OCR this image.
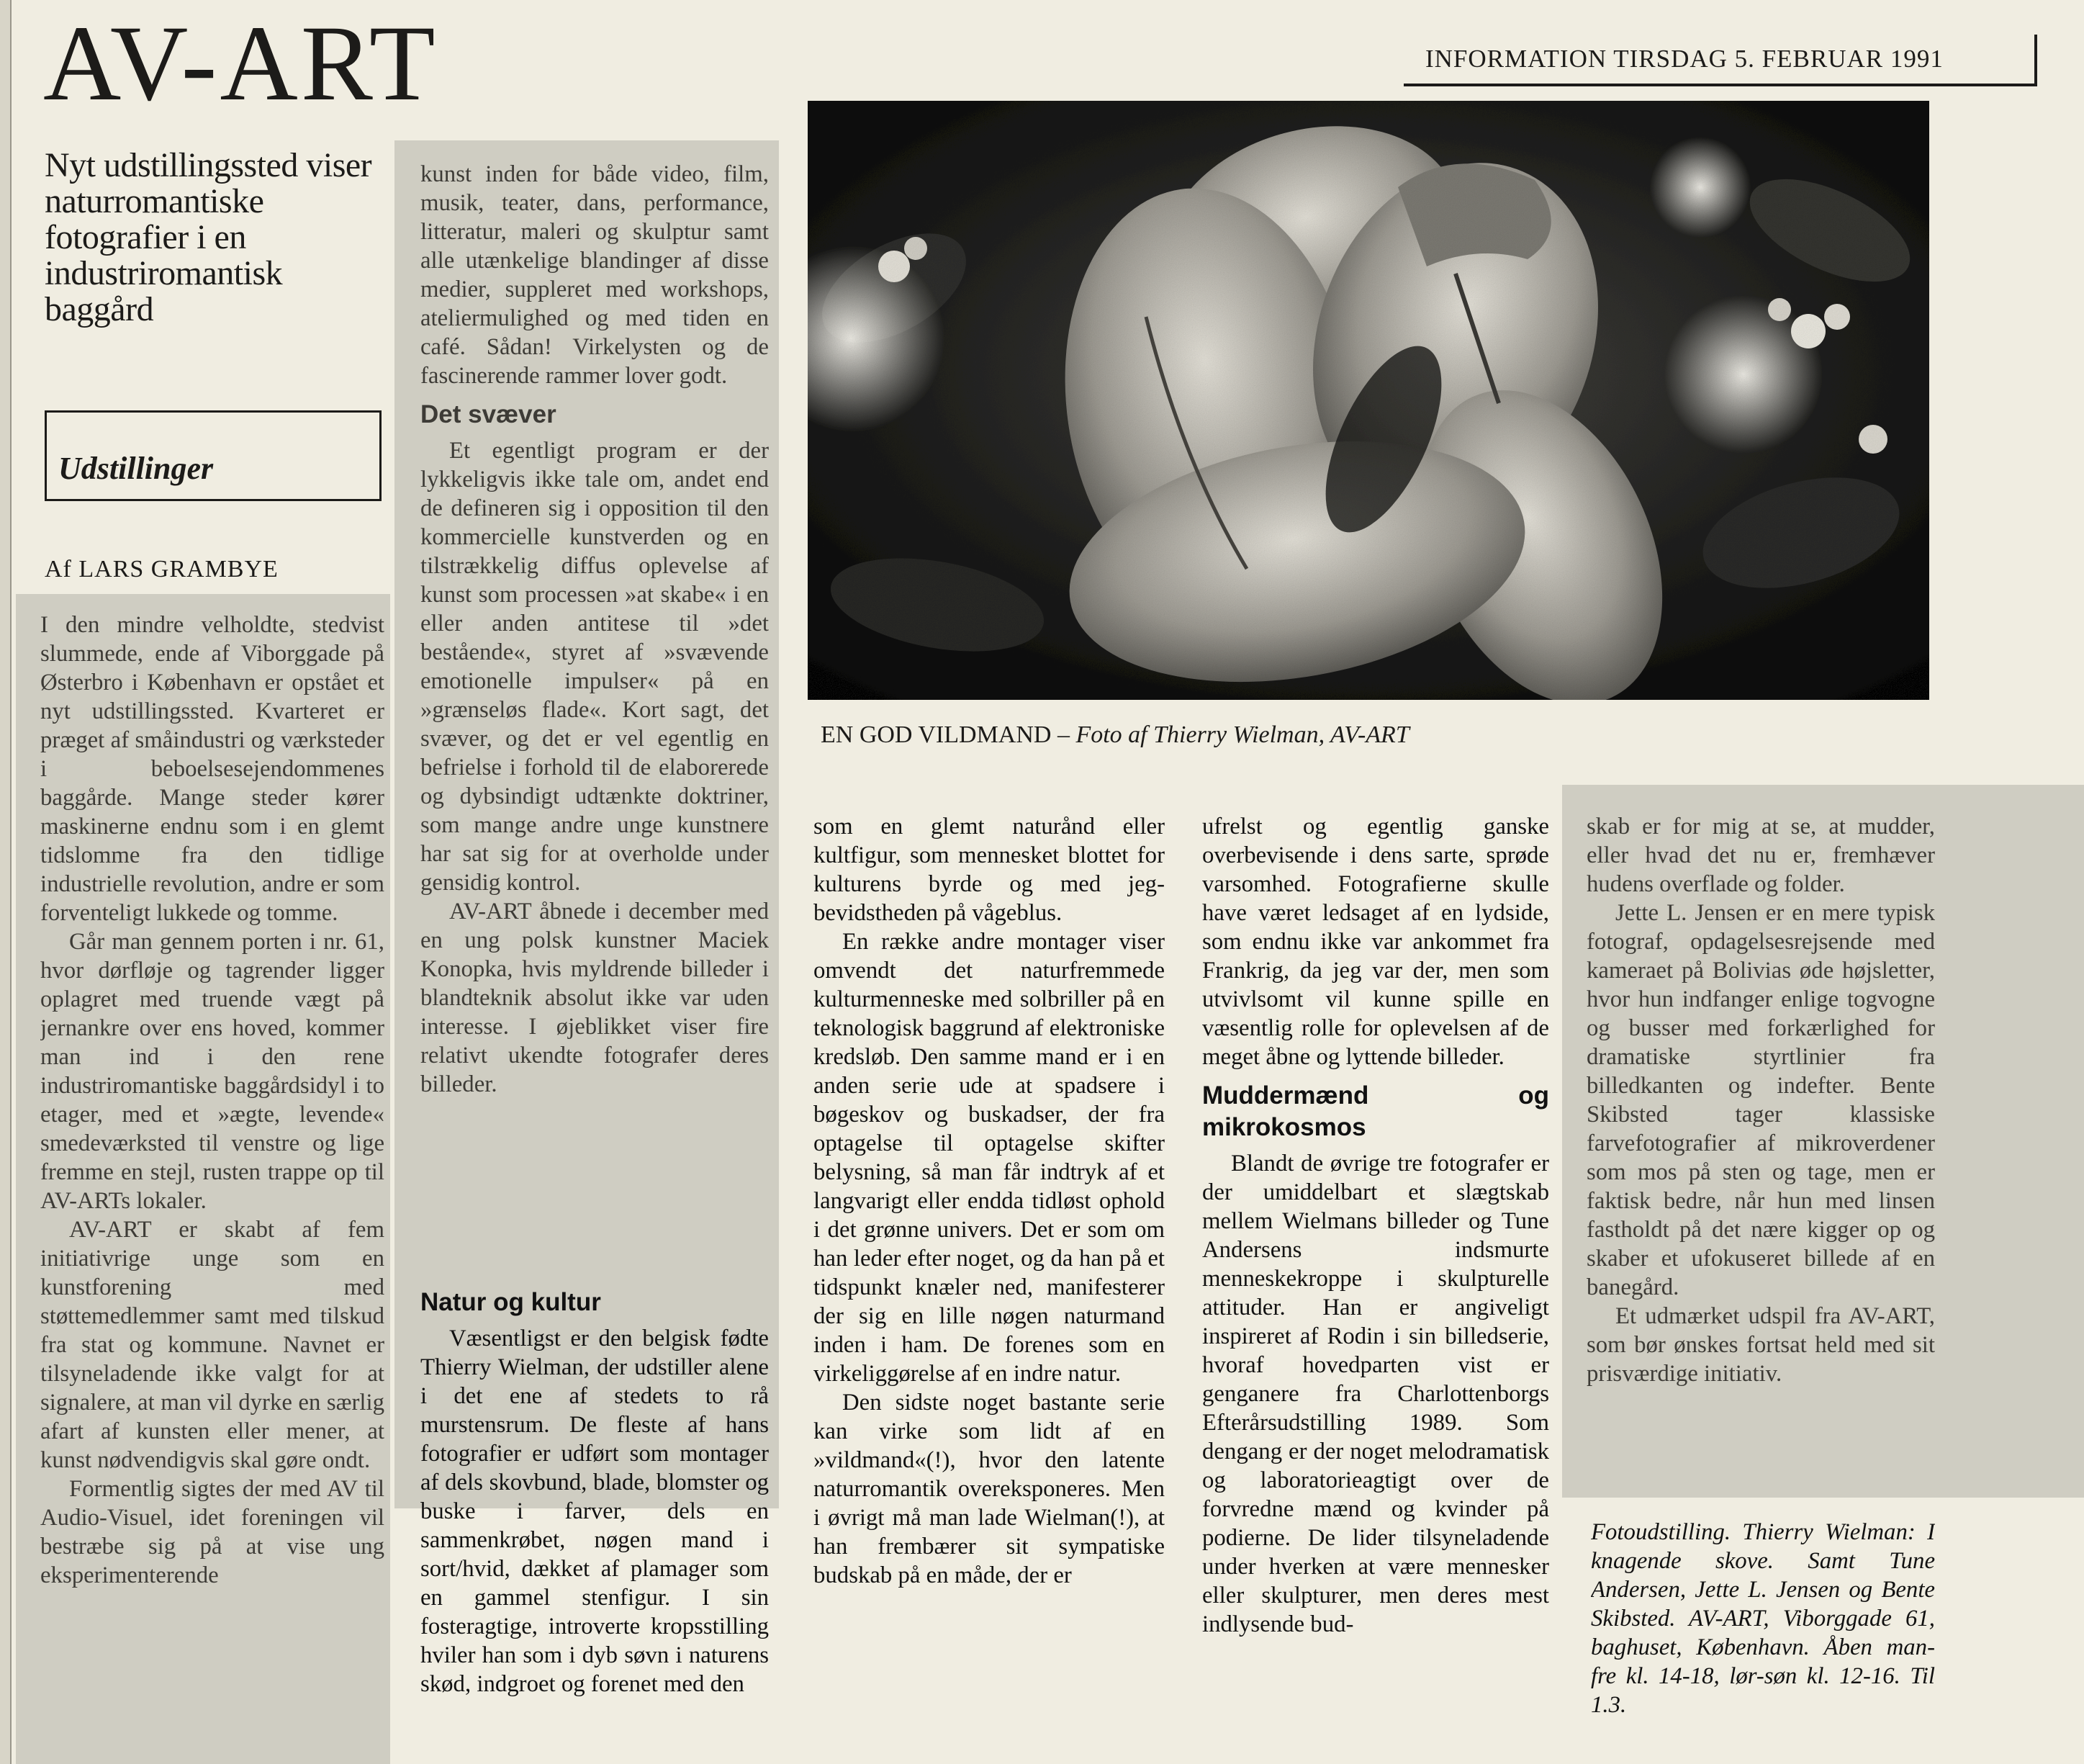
AV-ART
Nyt udstillingssted viser naturromantiske fotografier i en industriromantisk baggård
Udstillinger
Af LARS GRAMBYE
INFORMATION TIRSDAG 5. FEBRUAR 1991
EN GOD VILDMAND – Foto af Thierry Wielman, AV-ART

I den mindre velholdte, stedvist slummede, ende af Viborggade på Østerbro i København er opstået et nyt udstillingssted. Kvarteret er præget af småindustri og værksteder i beboelsesejendommenes baggårde. Mange steder kører maskinerne endnu som i en glemt tidslomme fra den tidlige industrielle revolution, andre er som forventeligt lukkede og tomme.

Går man gennem porten i nr. 61, hvor dørfløje og tagrender ligger oplagret med truende vægt på jernankre over ens hoved, kommer man ind i den rene industriromantiske baggårdsidyl i to etager, med et »ægte, levende« smedeværksted til venstre og lige fremme en stejl, rusten trappe op til AV-ARTs lokaler.

AV-ART er skabt af fem initiativrige unge som en kunstforening med støttemedlemmer samt med tilskud fra stat og kommune. Navnet er tilsyneladende ikke valgt for at signalere, at man vil dyrke en særlig afart af kunsten eller mener, at kunst nødvendigvis skal gøre ondt.

Formentlig sigtes der med AV til Audio-Visuel, idet foreningen vil bestræbe sig på at vise ung eksperimenterende

kunst inden for både video, film, musik, teater, dans, performance, litteratur, maleri og skulptur samt alle utænkelige blandinger af disse medier, suppleret med workshops, ateliermulighed og med tiden en café. Sådan! Virkelysten og de fascinerende rammer lover godt.

Det svæver

Et egentligt program er der lykkeligvis ikke tale om, andet end de defineren sig i opposition til den kommercielle kunstverden og en tilstrækkelig diffus oplevelse af kunst som processen »at skabe« i en eller anden antitese til »det bestående«, styret af »svævende emotionelle impulser« på en »grænseløs flade«. Kort sagt, det svæver, og det er vel egentlig en befrielse i forhold til de elaborerede og dybsindigt udtænkte doktriner, som mange andre unge kunstnere har sat sig for at overholde under gensidig kontrol.

AV-ART åbnede i december med en ung polsk kunstner Maciek Konopka, hvis myldrende billeder i blandteknik absolut ikke var uden interesse. I øjeblikket viser fire relativt ukendte fotografer deres billeder.

Natur og kultur

Væsentligst er den belgisk fødte Thierry Wielman, der udstiller alene i det ene af stedets to rå murstensrum. De fleste af hans fotografier er udført som montager af dels skovbund, blade, blomster og buske i farver, dels en sammenkrøbet, nøgen mand i sort/hvid, dækket af plamager som en gammel stenfigur. I sin fosteragtige, introverte kropsstilling hviler han som i dyb søvn i naturens skød, indgroet og forenet med den

som en glemt naturånd eller kultfigur, som mennesket blottet for kulturens byrde og med jeg-bevidstheden på vågeblus.

En række andre montager viser omvendt det naturfremmede kulturmenneske med solbriller på en teknologisk baggrund af elektroniske kredsløb. Den samme mand er i en anden serie ude at spadsere i bøgeskov og buskadser, der fra optagelse til optagelse skifter belysning, så man får indtryk af et langvarigt eller endda tidløst ophold i det grønne univers. Det er som om han leder efter noget, og da han på et tidspunkt knæler ned, manifesterer der sig en lille nøgen naturmand inden i ham. De forenes som en virkeliggørelse af en indre natur.

Den sidste noget bastante serie kan virke som lidt af en »vildmand«(!), hvor den latente naturromantik overeksponeres. Men i øvrigt må man lade Wielman(!), at han frembærer sit sympatiske budskab på en måde, der er

ufrelst og egentlig ganske overbevisende i dens sarte, sprøde varsomhed. Fotografierne skulle have været ledsaget af en lydside, som endnu ikke var ankommet fra Frankrig, da jeg var der, men som utvivlsomt vil kunne spille en væsentlig rolle for oplevelsen af de meget åbne og lyttende billeder.

Muddermænd og mikrokosmos

Blandt de øvrige tre fotografer er der umiddelbart et slægtskab mellem Wielmans billeder og Tune Andersens indsmurte menneskekroppe i skulpturelle attituder. Han er angiveligt inspireret af Rodin i sin billedserie, hvoraf hovedparten vist er genganere fra Charlottenborgs Efterårsudstilling 1989. Som dengang er der noget melodramatisk og laboratorieagtigt over de forvredne mænd og kvinder på podierne. De lider tilsyneladende under hverken at være mennesker eller skulpturer, men deres mest indlysende bud-

skab er for mig at se, at mudder, eller hvad det nu er, fremhæver hudens overflade og folder.

Jette L. Jensen er en mere typisk fotograf, opdagelsesrejsende med kameraet på Bolivias øde højsletter, hvor hun indfanger enlige togvogne og busser med forkærlighed for dramatiske styrtlinier fra billedkanten og indefter. Bente Skibsted tager klassiske farvefotografier af mikroverdener som mos på sten og tage, men er faktisk bedre, når hun med linsen fastholdt på det nære kigger op og skaber et ufokuseret billede af en banegård.

Et udmærket udspil fra AV-ART, som bør ønskes fortsat held med sit prisværdige initiativ.

Fotoudstilling. Thierry Wielman: I knagende skove. Samt Tune Andersen, Jette L. Jensen og Bente Skibsted. AV-ART, Viborggade 61, baghuset, København. Åben man-fre kl. 14-18, lør-søn kl. 12-16. Til 1.3.
